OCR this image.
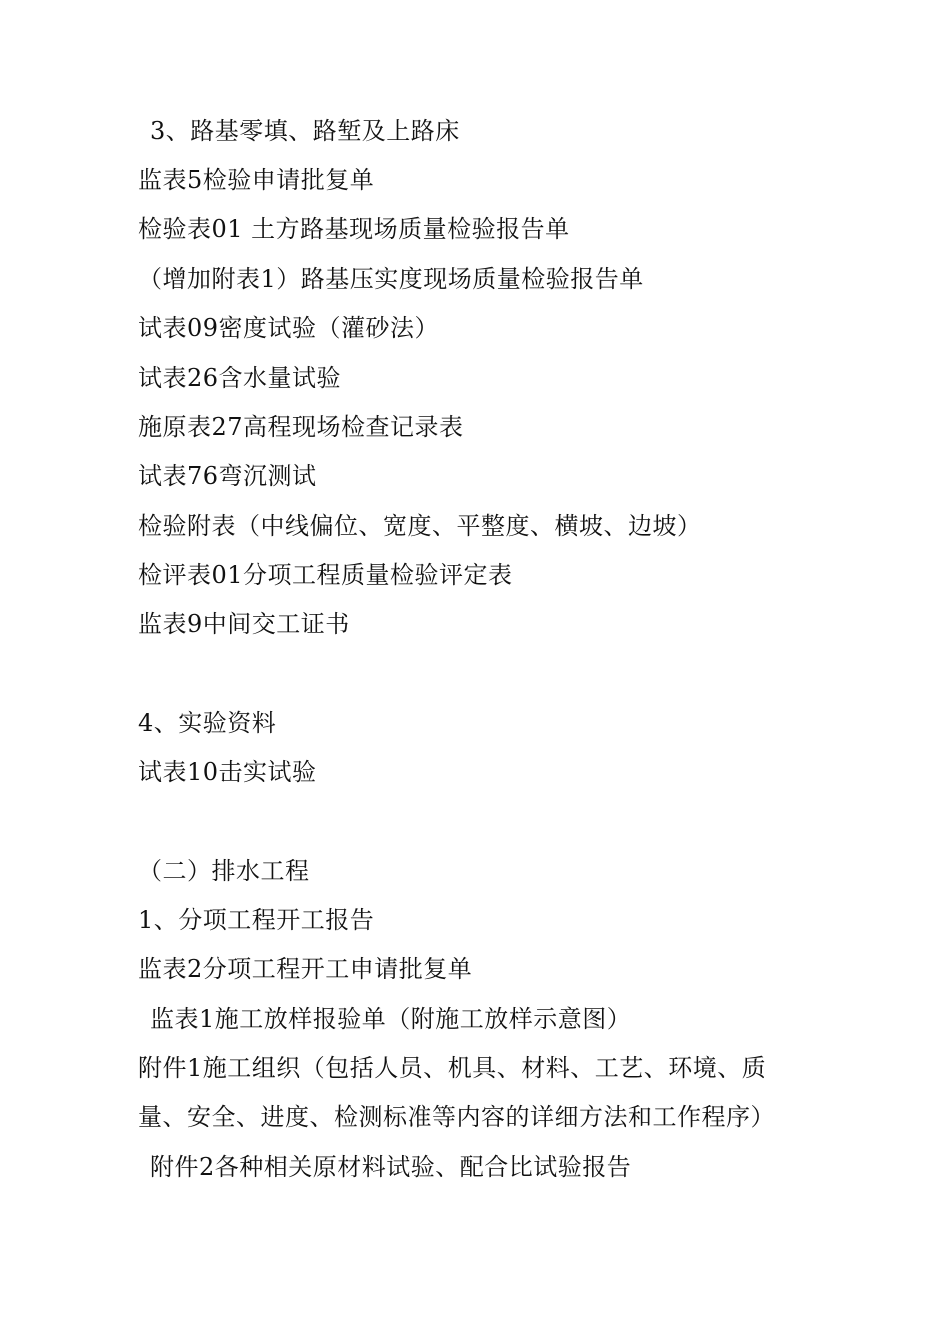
3、路基零填、路堑及上路床
监表5检验申请批复单
检验表01 土方路基现场质量检验报告单
（增加附表1）路基压实度现场质量检验报告单
试表09密度试验（灌砂法）
试表26含水量试验
施原表27高程现场检查记录表
试表76弯沉测试
检验附表（中线偏位、宽度、平整度、横坡、边坡）
检评表01分项工程质量检验评定表
监表9中间交工证书
4、实验资料
试表10击实试验
（二）排水工程
1、分项工程开工报告
监表2分项工程开工申请批复单
监表1施工放样报验单（附施工放样示意图）
附件1施工组织（包括人员、机具、材料、工艺、环境、质
量、安全、进度、检测标准等内容的详细方法和工作程序）
附件2各种相关原材料试验、配合比试验报告
